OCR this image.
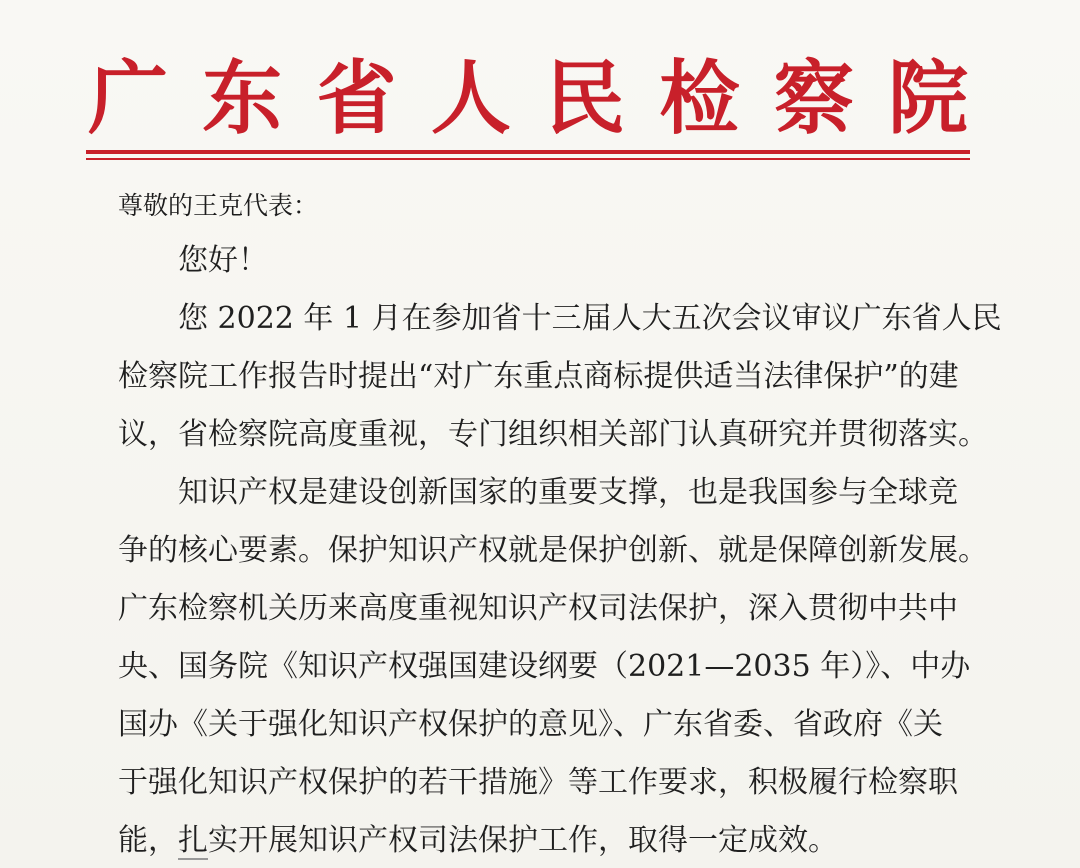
广 东 省 人 民 检 察 院
尊敬的王克代表：
您好！
您 2022 年 1 月在参加省十三届人大五次会议审议广东省人民
检察院工作报告时提出“对广东重点商标提供适当法律保护”的建
议，省检察院高度重视，专门组织相关部门认真研究并贯彻落实。
知识产权是建设创新国家的重要支撑，也是我国参与全球竞
争的核心要素。保护知识产权就是保护创新、就是保障创新发展。
广东检察机关历来高度重视知识产权司法保护，深入贯彻中共中
央、国务院《知识产权强国建设纲要（2021—2035 年）》、中办
国办《关于强化知识产权保护的意见》、广东省委、省政府《关
于强化知识产权保护的若干措施》等工作要求，积极履行检察职
能，扎实开展知识产权司法保护工作，取得一定成效。
